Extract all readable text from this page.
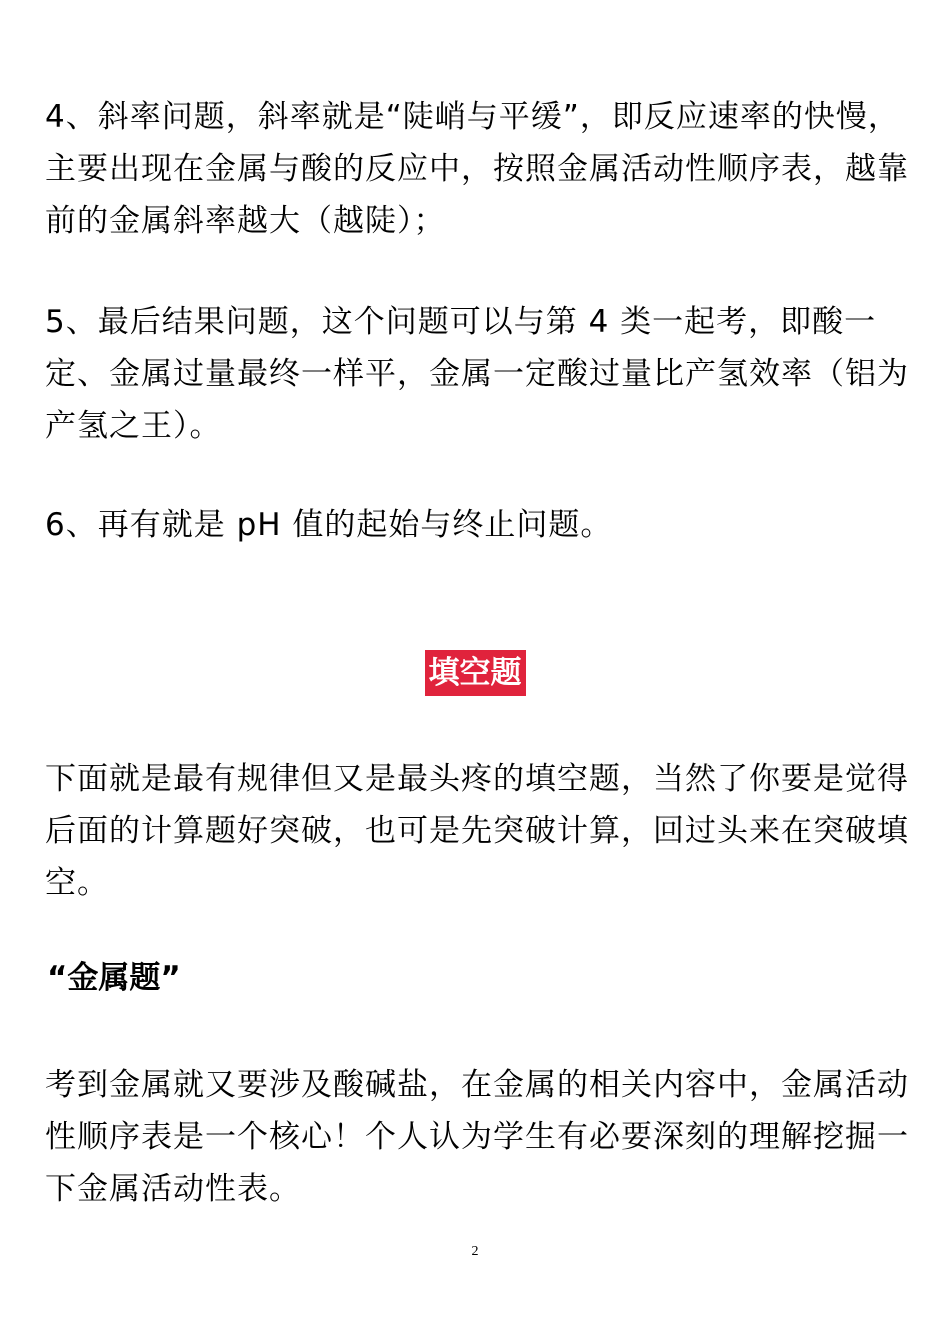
4、斜率问题，斜率就是“陡峭与平缓”，即反应速率的快慢，主要出现在金属与酸的反应中，按照金属活动性顺序表，越靠前的金属斜率越大（越陡）；

5、最后结果问题，这个问题可以与第 4 类一起考，即酸一定、金属过量最终一样平，金属一定酸过量比产氢效率（铝为产氢之王）。

6、再有就是 pH 值的起始与终止问题。

填空题

下面就是最有规律但又是最头疼的填空题，当然了你要是觉得后面的计算题好突破，也可是先突破计算，回过头来在突破填空。

“金属题”

考到金属就又要涉及酸碱盐，在金属的相关内容中，金属活动性顺序表是一个核心！个人认为学生有必要深刻的理解挖掘一下金属活动性表。

2
